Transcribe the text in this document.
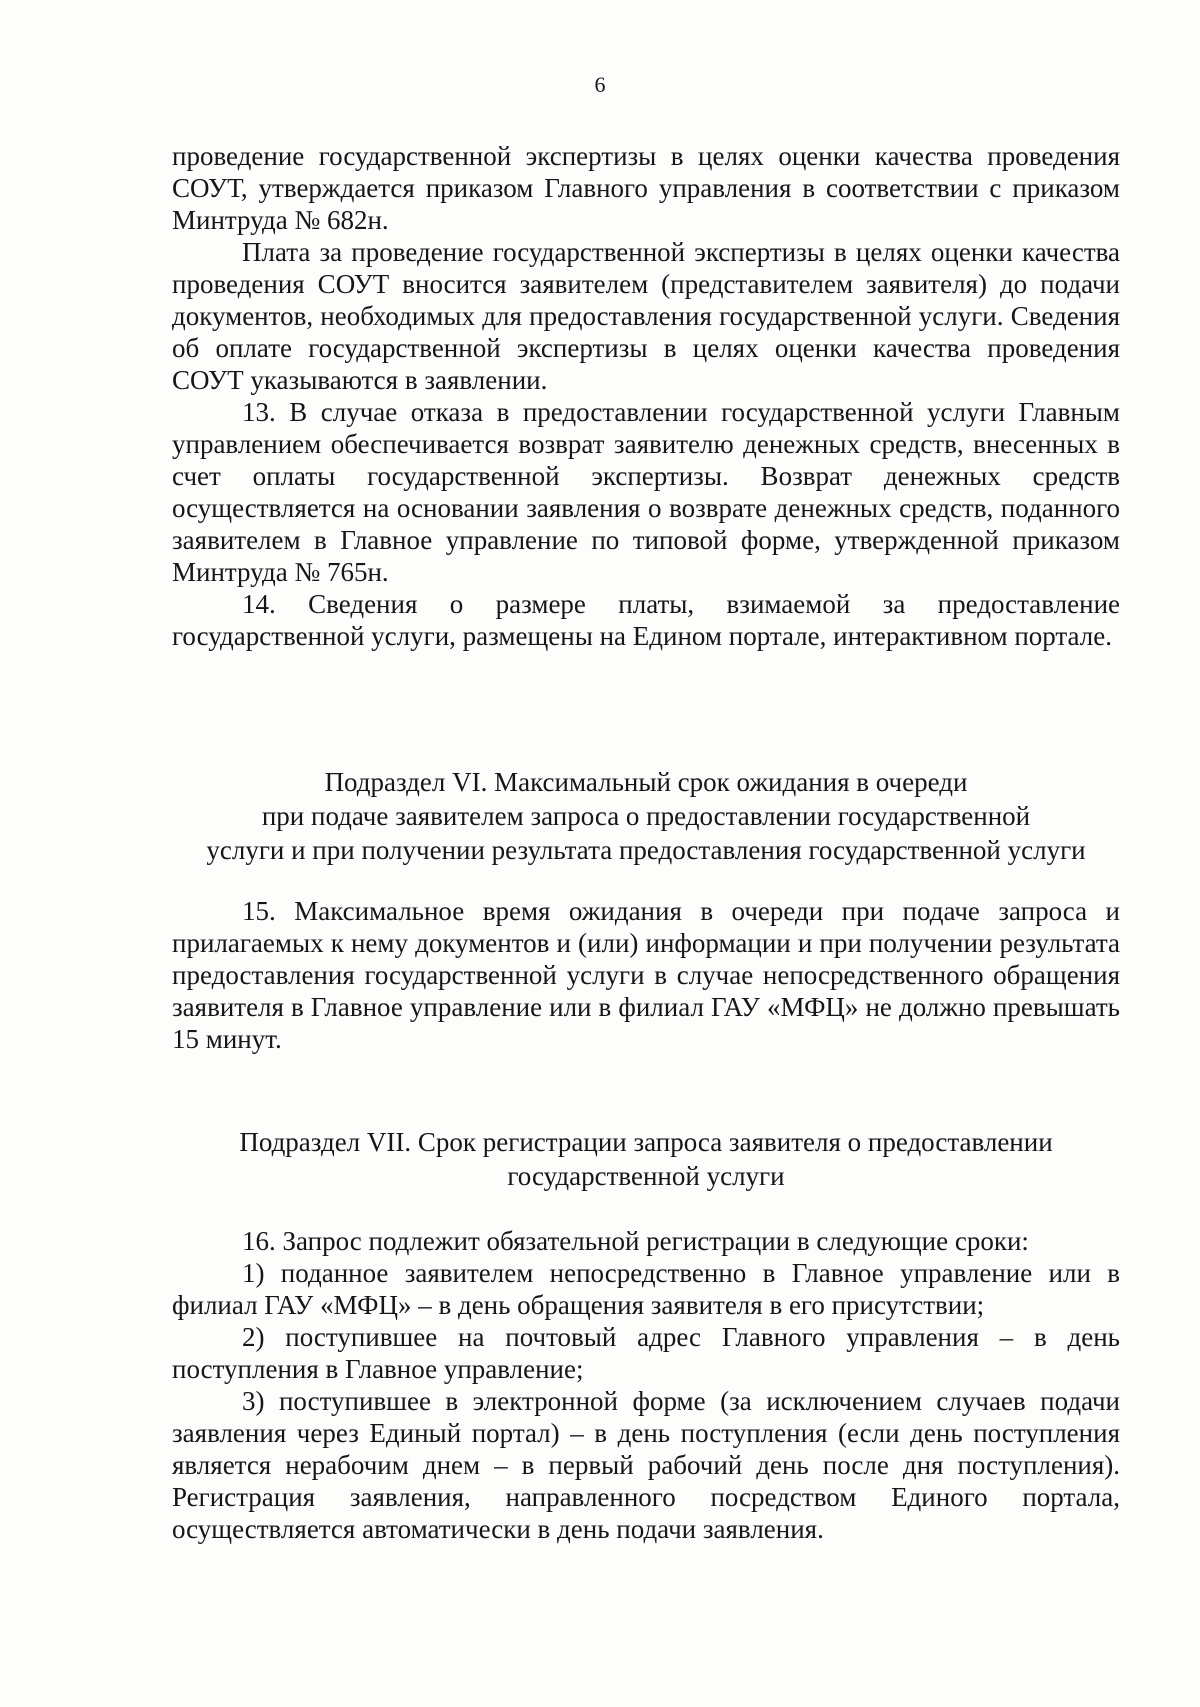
6

проведение государственной экспертизы в целях оценки качества проведения СОУТ, утверждается приказом Главного управления в соответствии с приказом Минтруда № 682н.

Плата за проведение государственной экспертизы в целях оценки качества проведения СОУТ вносится заявителем (представителем заявителя) до подачи документов, необходимых для предоставления государственной услуги. Сведения об оплате государственной экспертизы в целях оценки качества проведения СОУТ указываются в заявлении.

13. В случае отказа в предоставлении государственной услуги Главным управлением обеспечивается возврат заявителю денежных средств, внесенных в счет оплаты государственной экспертизы. Возврат денежных средств осуществляется на основании заявления о возврате денежных средств, поданного заявителем в Главное управление по типовой форме, утвержденной приказом Минтруда № 765н.

14. Сведения о размере платы, взимаемой за предоставление государственной услуги, размещены на Едином портале, интерактивном портале.

Подраздел VI. Максимальный срок ожидания в очереди

при подаче заявителем запроса о предоставлении государственной

услуги и при получении результата предоставления государственной услуги

15. Максимальное время ожидания в очереди при подаче запроса и прилагаемых к нему документов и (или) информации и при получении результата предоставления государственной услуги в случае непосредственного обращения заявителя в Главное управление или в филиал ГАУ «МФЦ» не должно превышать 15 минут.

Подраздел VII. Срок регистрации запроса заявителя о предоставлении

государственной услуги

16. Запрос подлежит обязательной регистрации в следующие сроки:

1) поданное заявителем непосредственно в Главное управление или в филиал ГАУ «МФЦ» – в день обращения заявителя в его присутствии;

2) поступившее на почтовый адрес Главного управления – в день поступления в Главное управление;

3) поступившее в электронной форме (за исключением случаев подачи заявления через Единый портал) – в день поступления (если день поступления является нерабочим днем – в первый рабочий день после дня поступления). Регистрация заявления, направленного посредством Единого портала, осуществляется автоматически в день подачи заявления.
